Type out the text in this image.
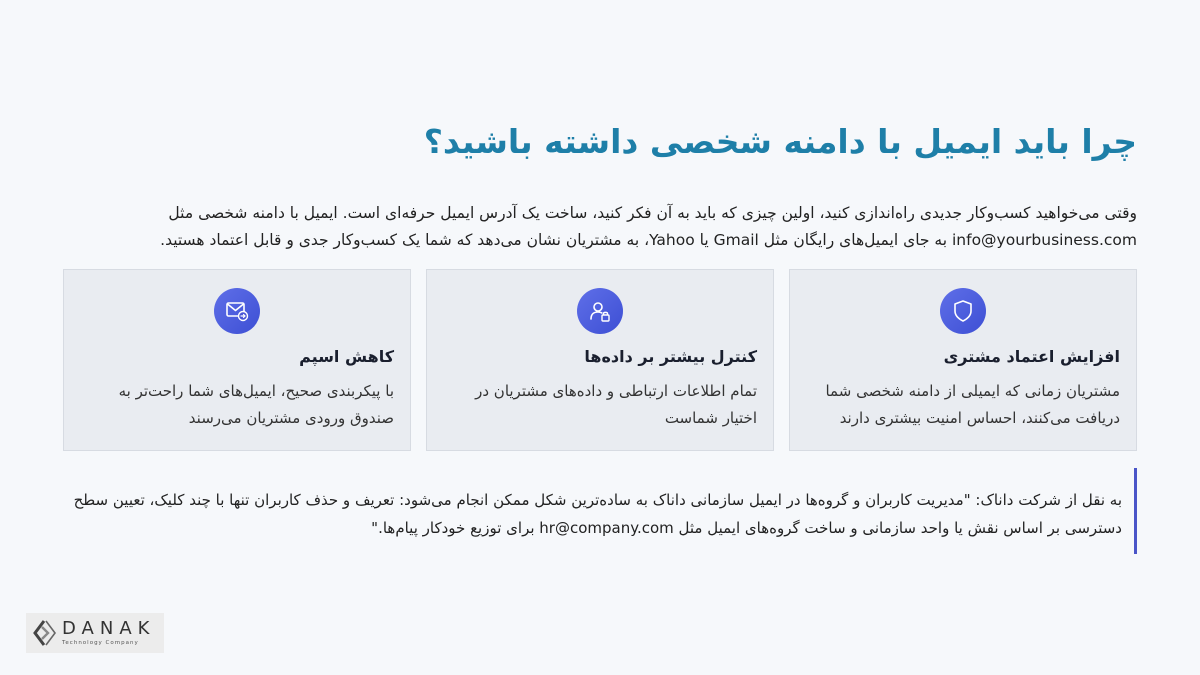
چرا باید ایمیل با دامنه شخصی داشته باشید؟

وقتی می‌خواهید کسب‌وکار جدیدی راه‌اندازی کنید، اولین چیزی که باید به آن فکر کنید، ساخت یک آدرس ایمیل حرفه‌ای است. ایمیل با دامنه شخصی مثل info@yourbusiness.com به جای ایمیل‌های رایگان مثل Gmail یا Yahoo، به مشتریان نشان می‌دهد که شما یک کسب‌وکار جدی و قابل اعتماد هستید.

افزایش اعتماد مشتری

مشتریان زمانی که ایمیلی از دامنه شخصی شما دریافت می‌کنند، احساس امنیت بیشتری دارند

کنترل بیشتر بر داده‌ها

تمام اطلاعات ارتباطی و داده‌های مشتریان در اختیار شماست

کاهش اسپم

با پیکربندی صحیح، ایمیل‌های شما راحت‌تر به صندوق ورودی مشتریان می‌رسند

به نقل از شرکت داناک: "مدیریت کاربران و گروه‌ها در ایمیل سازمانی داناک به ساده‌ترین شکل ممکن انجام می‌شود: تعریف و حذف کاربران تنها با چند کلیک، تعیین سطح دسترسی بر اساس نقش یا واحد سازمانی و ساخت گروه‌های ایمیل مثل hr@company.com برای توزیع خودکار پیام‌ها."

DANAK
Technology Company
